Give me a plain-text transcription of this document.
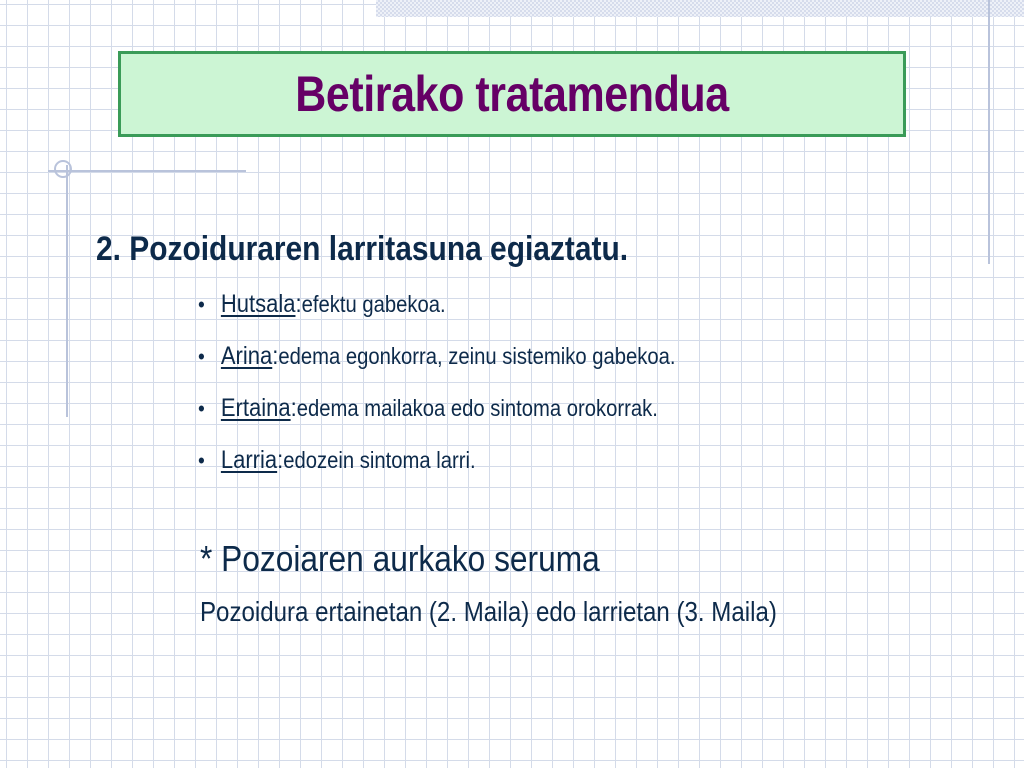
Betirako tratamendua
2. Pozoiduraren larritasuna egiaztatu.
• Hutsala : efektu gabekoa.
• Arina : edema egonkorra, zeinu sistemiko gabekoa.
• Ertaina : edema mailakoa edo sintoma orokorrak.
• Larria : edozein sintoma larri.
* Pozoiaren aurkako seruma
Pozoidura ertainetan (2. Maila) edo larrietan (3. Maila)
